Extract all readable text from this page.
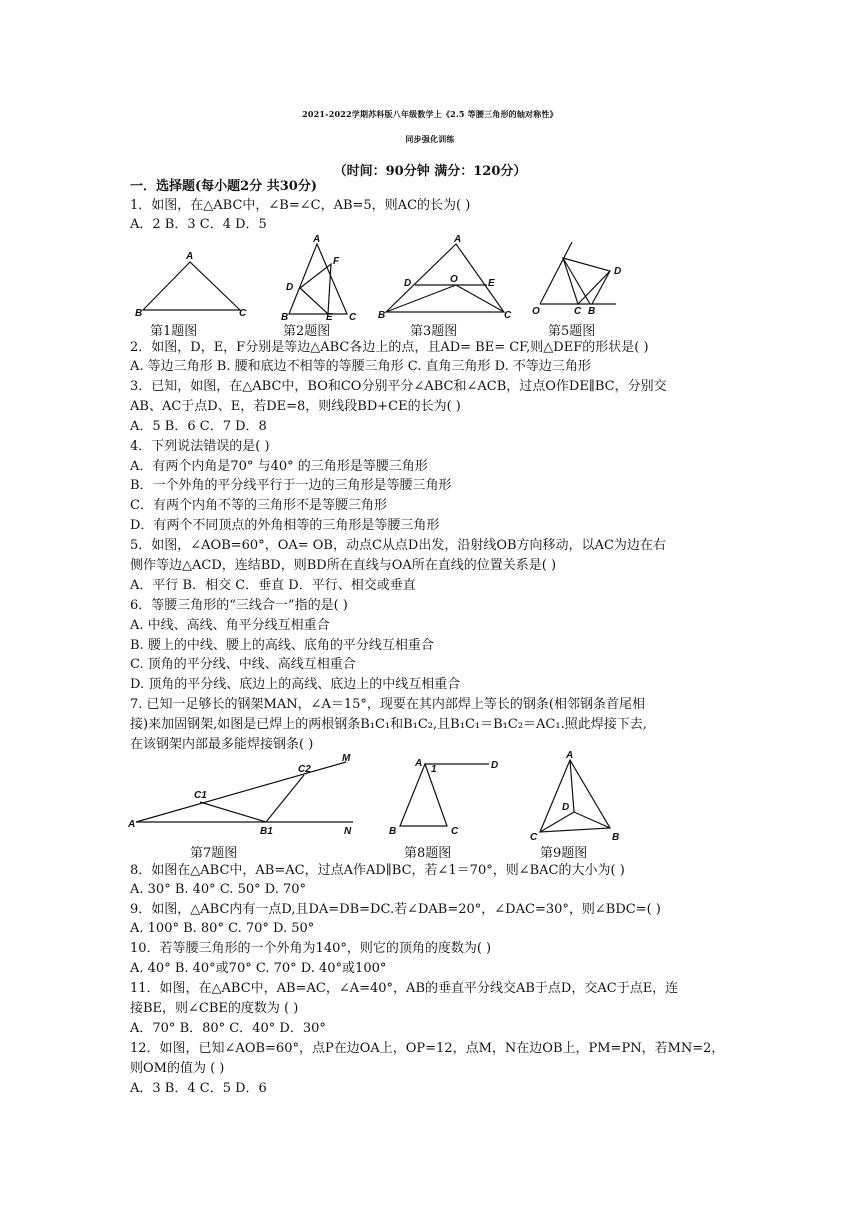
2021-2022学期苏科版八年级数学上《2.5 等腰三角形的轴对称性》
同步强化训练
（时间：90分钟 满分：120分）
一．选择题(每小题2分 共30分)
1．如图，在△ABC中，∠B=∠C，AB=5，则AC的长为( )
A．2 B．3 C．4 D．5
A
B	C
第1题图
A
F
D
B	E C
第2题图
A
D	O	E
B	C
第3题图
D
O	C B
第5题图
2．如图，D，E，F分别是等边△ABC各边上的点，且AD= BE= CF,则△DEF的形状是( )
A. 等边三角形 B. 腰和底边不相等的等腰三角形 C. 直角三角形 D. 不等边三角形
3．已知，如图，在△ABC中，BO和CO分别平分∠ABC和∠ACB，过点O作DE∥BC，分别交
AB、AC于点D、E，若DE=8，则线段BD+CE的长为( )
A．5 B．6 C．7 D．8
4．下列说法错误的是( )
A．有两个内角是70° 与40° 的三角形是等腰三角形
B．一个外角的平分线平行于一边的三角形是等腰三角形
C．有两个内角不等的三角形不是等腰三角形
D．有两个不同顶点的外角相等的三角形是等腰三角形
5．如图，∠AOB=60°，OA= OB，动点C从点D出发，沿射线OB方向移动，以AC为边在右
侧作等边△ACD，连结BD，则BD所在直线与OA所在直线的位置关系是( )
A．平行 B．相交 C．垂直 D．平行、相交或垂直
6．等腰三角形的“三线合一”指的是( )
A. 中线、高线、角平分线互相重合
B. 腰上的中线、腰上的高线、底角的平分线互相重合
C. 顶角的平分线、中线、高线互相重合
D. 顶角的平分线、底边上的高线、底边上的中线互相重合
7. 已知一足够长的钢架MAN，∠A＝15°，现要在其内部焊上等长的钢条(相邻钢条首尾相
接)来加固钢架,如图是已焊上的两根钢条B₁C₁和B₁C₂,且B₁C₁＝B₁C₂＝AC₁.照此焊接下去,
在该钢架内部最多能焊接钢条( )
M
C2
C1
A
B1	N
第7题图
A
1	D
B	C
第8题图
A
D
C	B
第9题图
8．如图在△ABC中，AB=AC，过点A作AD∥BC，若∠1＝70°，则∠BAC的大小为( )
A. 30° B. 40° C. 50° D. 70°
9．如图，△ABC内有一点D,且DA=DB=DC.若∠DAB=20°，∠DAC=30°，则∠BDC=( )
A. 100° B. 80° C. 70° D. 50°
10．若等腰三角形的一个外角为140°，则它的顶角的度数为( )
A. 40° B. 40°或70° C. 70° D. 40°或100°
11．如图，在△ABC中，AB=AC，∠A=40°，AB的垂直平分线交AB于点D，交AC于点E，连
接BE，则∠CBE的度数为 ( )
A．70° B．80° C．40° D．30°
12．如图，已知∠AOB=60°，点P在边OA上，OP=12，点M，N在边OB上，PM=PN，若MN=2，
则OM的值为 ( )
A．3 B．4 C．5 D．6
